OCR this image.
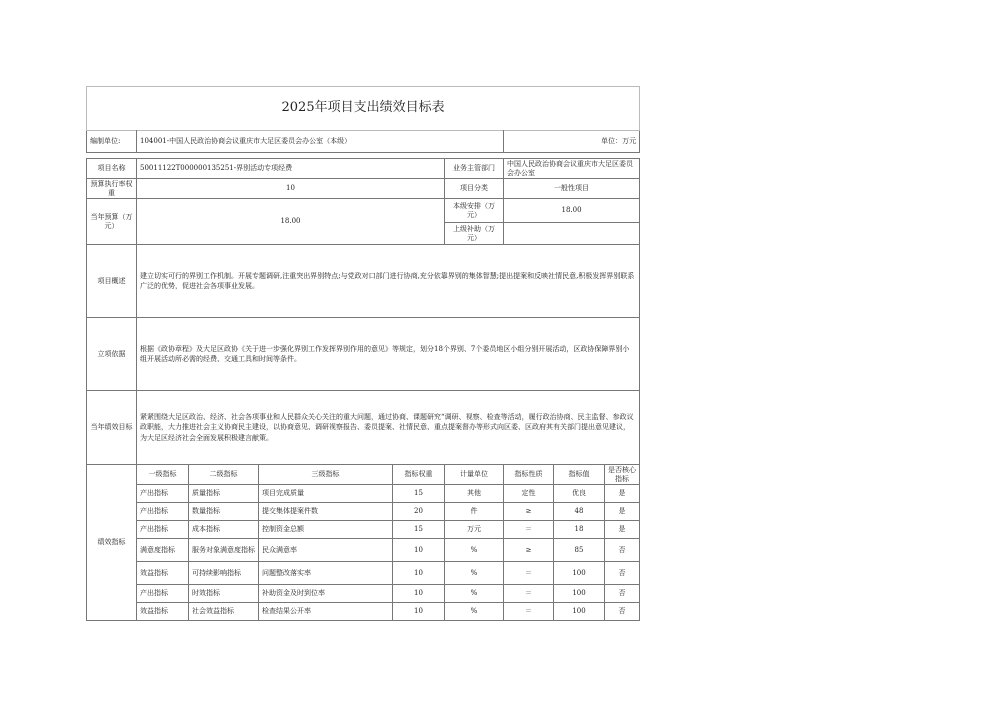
2025年项目支出绩效目标表								
编制单位:	104001-中国人民政治协商会议重庆市大足区委员会办公室（本级）					单位：万元		

项目名称	50011122T000000135251-界别活动专项经费				业务主管部门	中国人民政治协商会议重庆市大足区委员会办公室		
预算执行率权重	10				项目分类	一般性项目		
当年预算（万元）	18.00				本级安排（万元）	18.00		
					上级补助（万元）			
项目概述	建立切实可行的界别工作机制。开展专题调研,注重突出界别特点;与党政对口部门进行协商,充分依靠界别的集体智慧;提出提案和反映社情民意,积极发挥界别联系广泛的优势，促进社会各项事业发展。							
立项依据	根据《政协章程》及大足区政协《关于进一步强化界别工作发挥界别作用的意见》等规定，划分18个界别、7个委员地区小组分别开展活动，区政协保障界别小组开展活动所必需的经费、交通工具和时间等条件。							
当年绩效目标	紧紧围绕大足区政治、经济、社会各项事业和人民群众关心关注的重大问题，通过协商、课题研究“调研、视察、检查等活动，履行政治协商、民主监督、参政议政职能，大力推进社会主义协商民主建设，以协商意见、调研视察报告、委员提案、社情民意、重点提案督办等形式向区委、区政府其有关部门提出意见建议，为大足区经济社会全面发展积极建言献策。							
绩效指标	一级指标	二级指标	三级指标	指标权重	计量单位	指标性质	指标值	是否核心指标
	产出指标	质量指标	项目完成质量	15	其他	定性	优良	是
	产出指标	数量指标	提交集体提案件数	20	件	≥	48	是
	产出指标	成本指标	控制资金总额	15	万元	＝	18	是
	满意度指标	服务对象满意度指标	民众满意率	10	%	≥	85	否
	效益指标	可持续影响指标	问题整改落实率	10	%	＝	100	否
	产出指标	时效指标	补助资金及时到位率	10	%	＝	100	否
	效益指标	社会效益指标	检查结果公开率	10	%	＝	100	否
